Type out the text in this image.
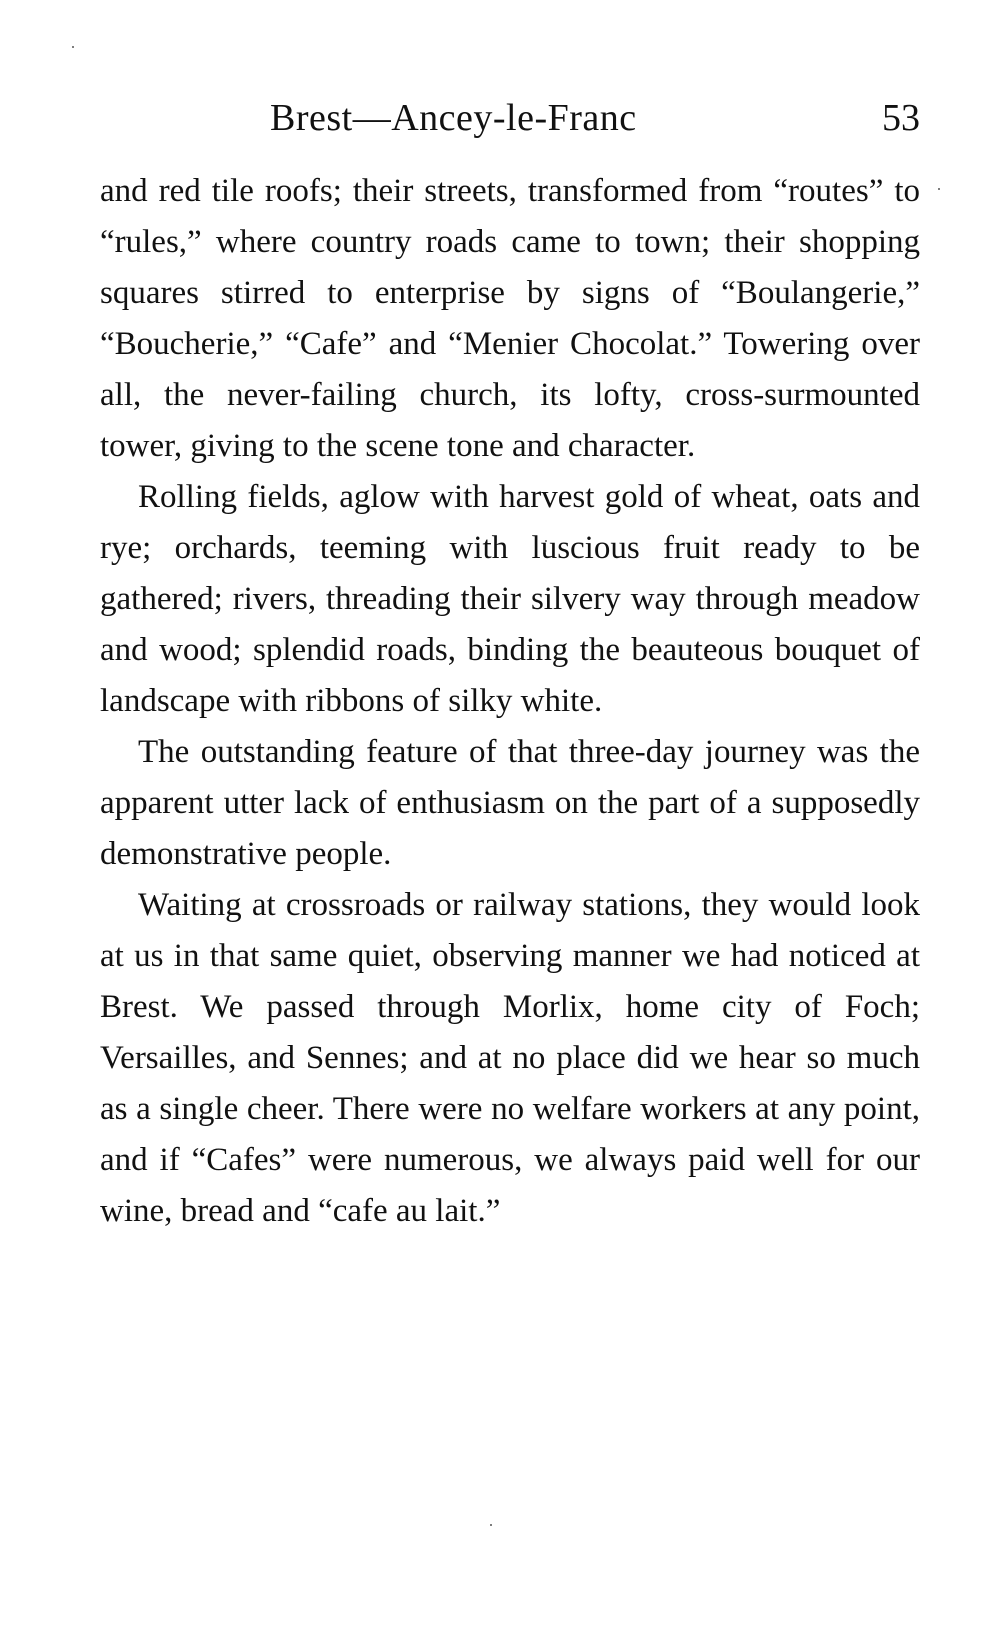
Brest—Ancey-le-Franc	53

and red tile roofs; their streets, transformed from “routes” to “rules,” where country roads came to town; their shopping squares stirred to enterprise by signs of “Boulangerie,” “Boucherie,” “Cafe” and “Menier Chocolat.” Towering over all, the never-failing church, its lofty, cross-surmounted tower, giving to the scene tone and character.

Rolling fields, aglow with harvest gold of wheat, oats and rye; orchards, teeming with luscious fruit ready to be gathered; rivers, threading their silvery way through meadow and wood; splendid roads, binding the beauteous bouquet of landscape with ribbons of silky white.

The outstanding feature of that three-day journey was the apparent utter lack of enthusiasm on the part of a supposedly demonstrative people.

Waiting at crossroads or railway stations, they would look at us in that same quiet, observing manner we had noticed at Brest. We passed through Morlix, home city of Foch; Versailles, and Sennes; and at no place did we hear so much as a single cheer. There were no welfare workers at any point, and if “Cafes” were numerous, we always paid well for our wine, bread and “cafe au lait.”
